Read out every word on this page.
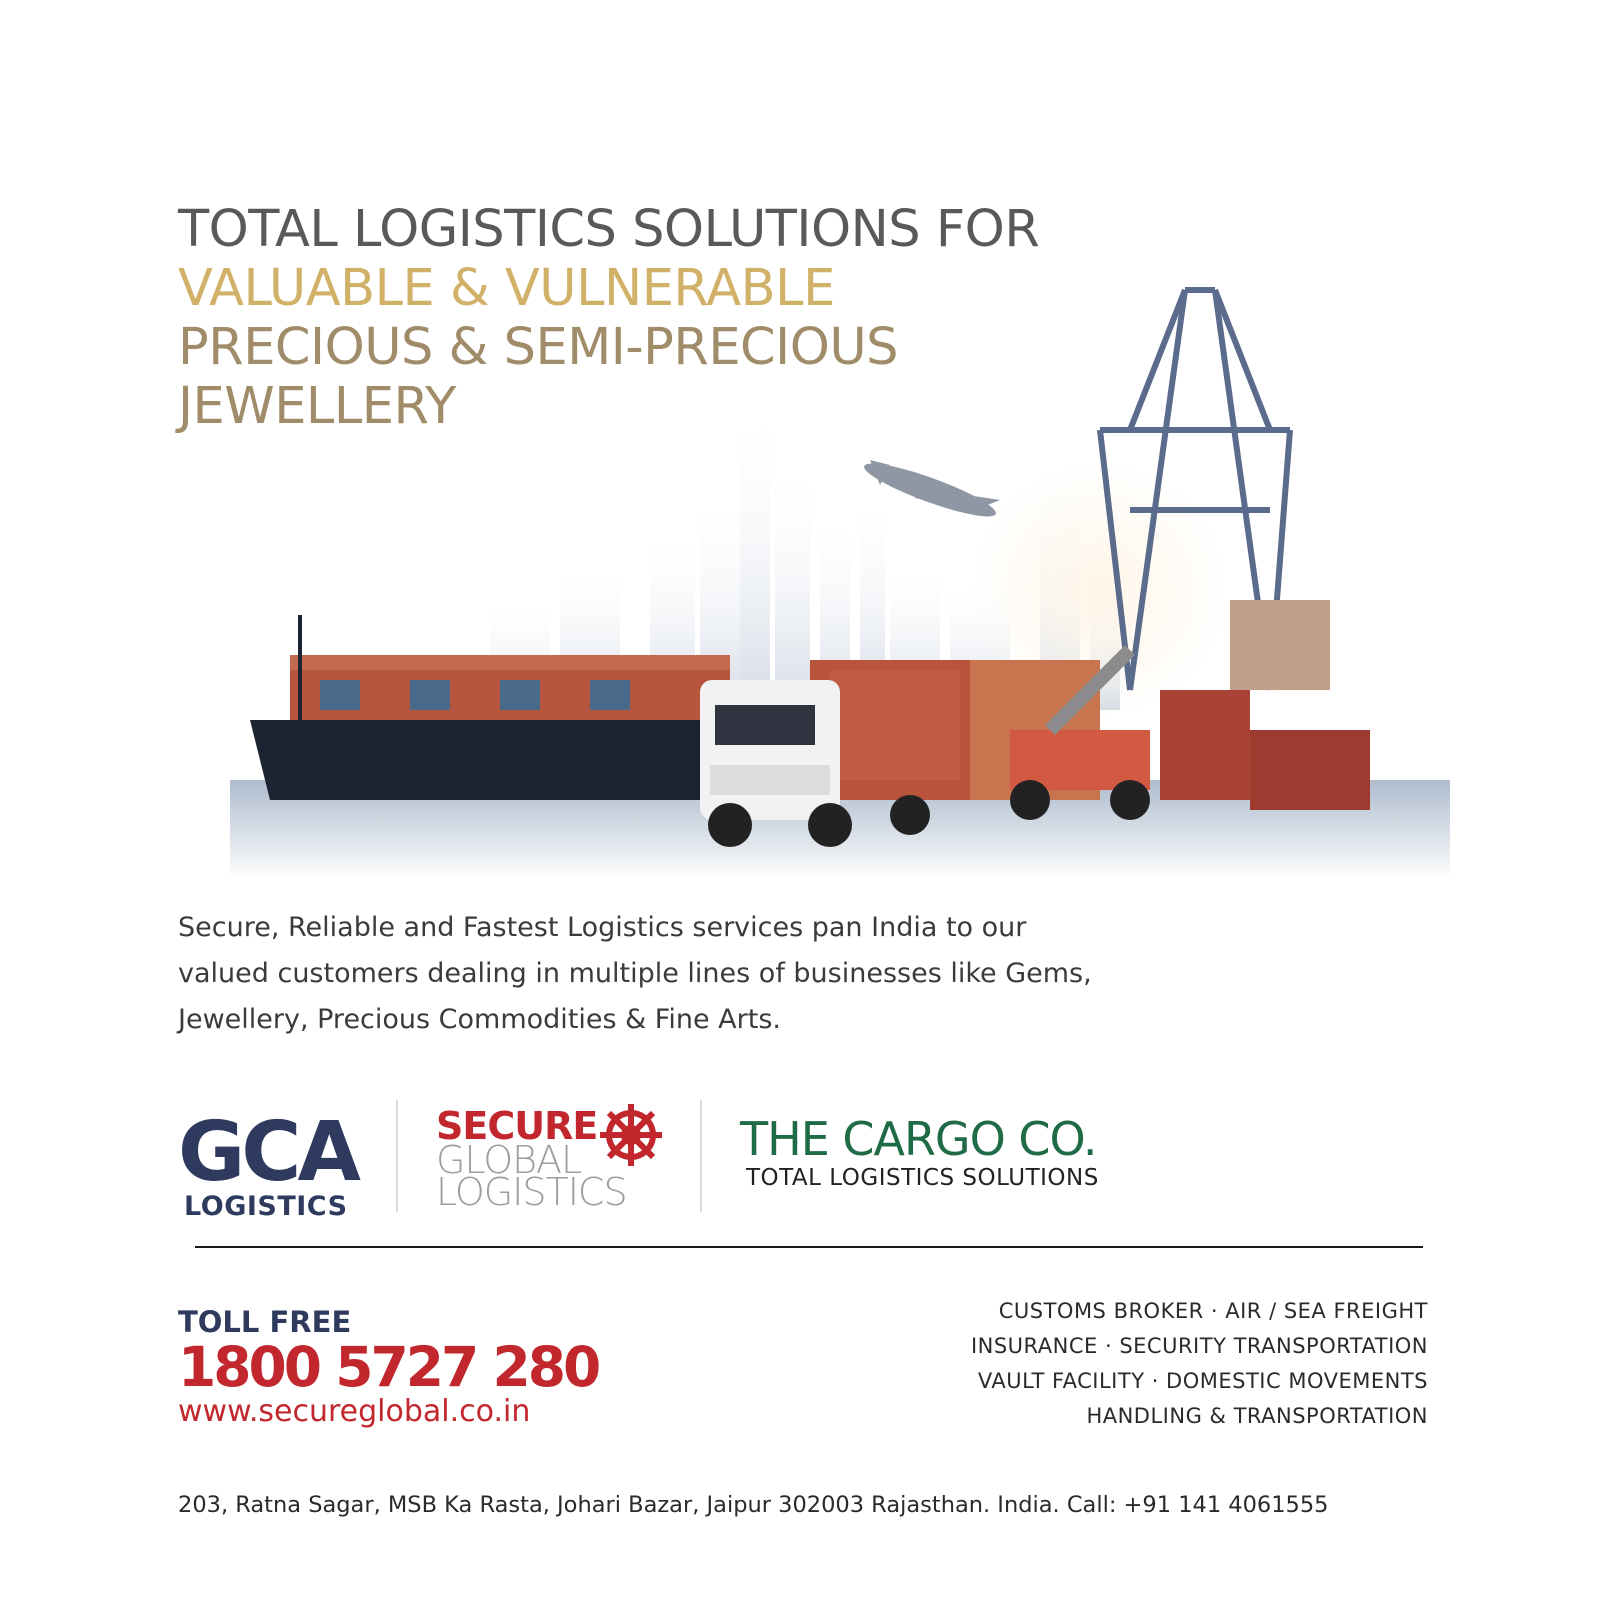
TOTAL LOGISTICS SOLUTIONS FOR
VALUABLE & VULNERABLE
PRECIOUS & SEMI-PRECIOUS
JEWELLERY
Secure, Reliable and Fastest Logistics services pan India to our
valued customers dealing in multiple lines of businesses like Gems,
Jewellery, Precious Commodities & Fine Arts.
GCA
LOGISTICS
SECURE
GLOBAL
LOGISTICS
THE CARGO CO.
TOTAL LOGISTICS SOLUTIONS
TOLL FREE
1800 5727 280
www.secureglobal.co.in
CUSTOMS BROKER · AIR / SEA FREIGHT
INSURANCE · SECURITY TRANSPORTATION
VAULT FACILITY · DOMESTIC MOVEMENTS
HANDLING & TRANSPORTATION
203, Ratna Sagar, MSB Ka Rasta, Johari Bazar, Jaipur 302003 Rajasthan. India. Call: +91 141 4061555
